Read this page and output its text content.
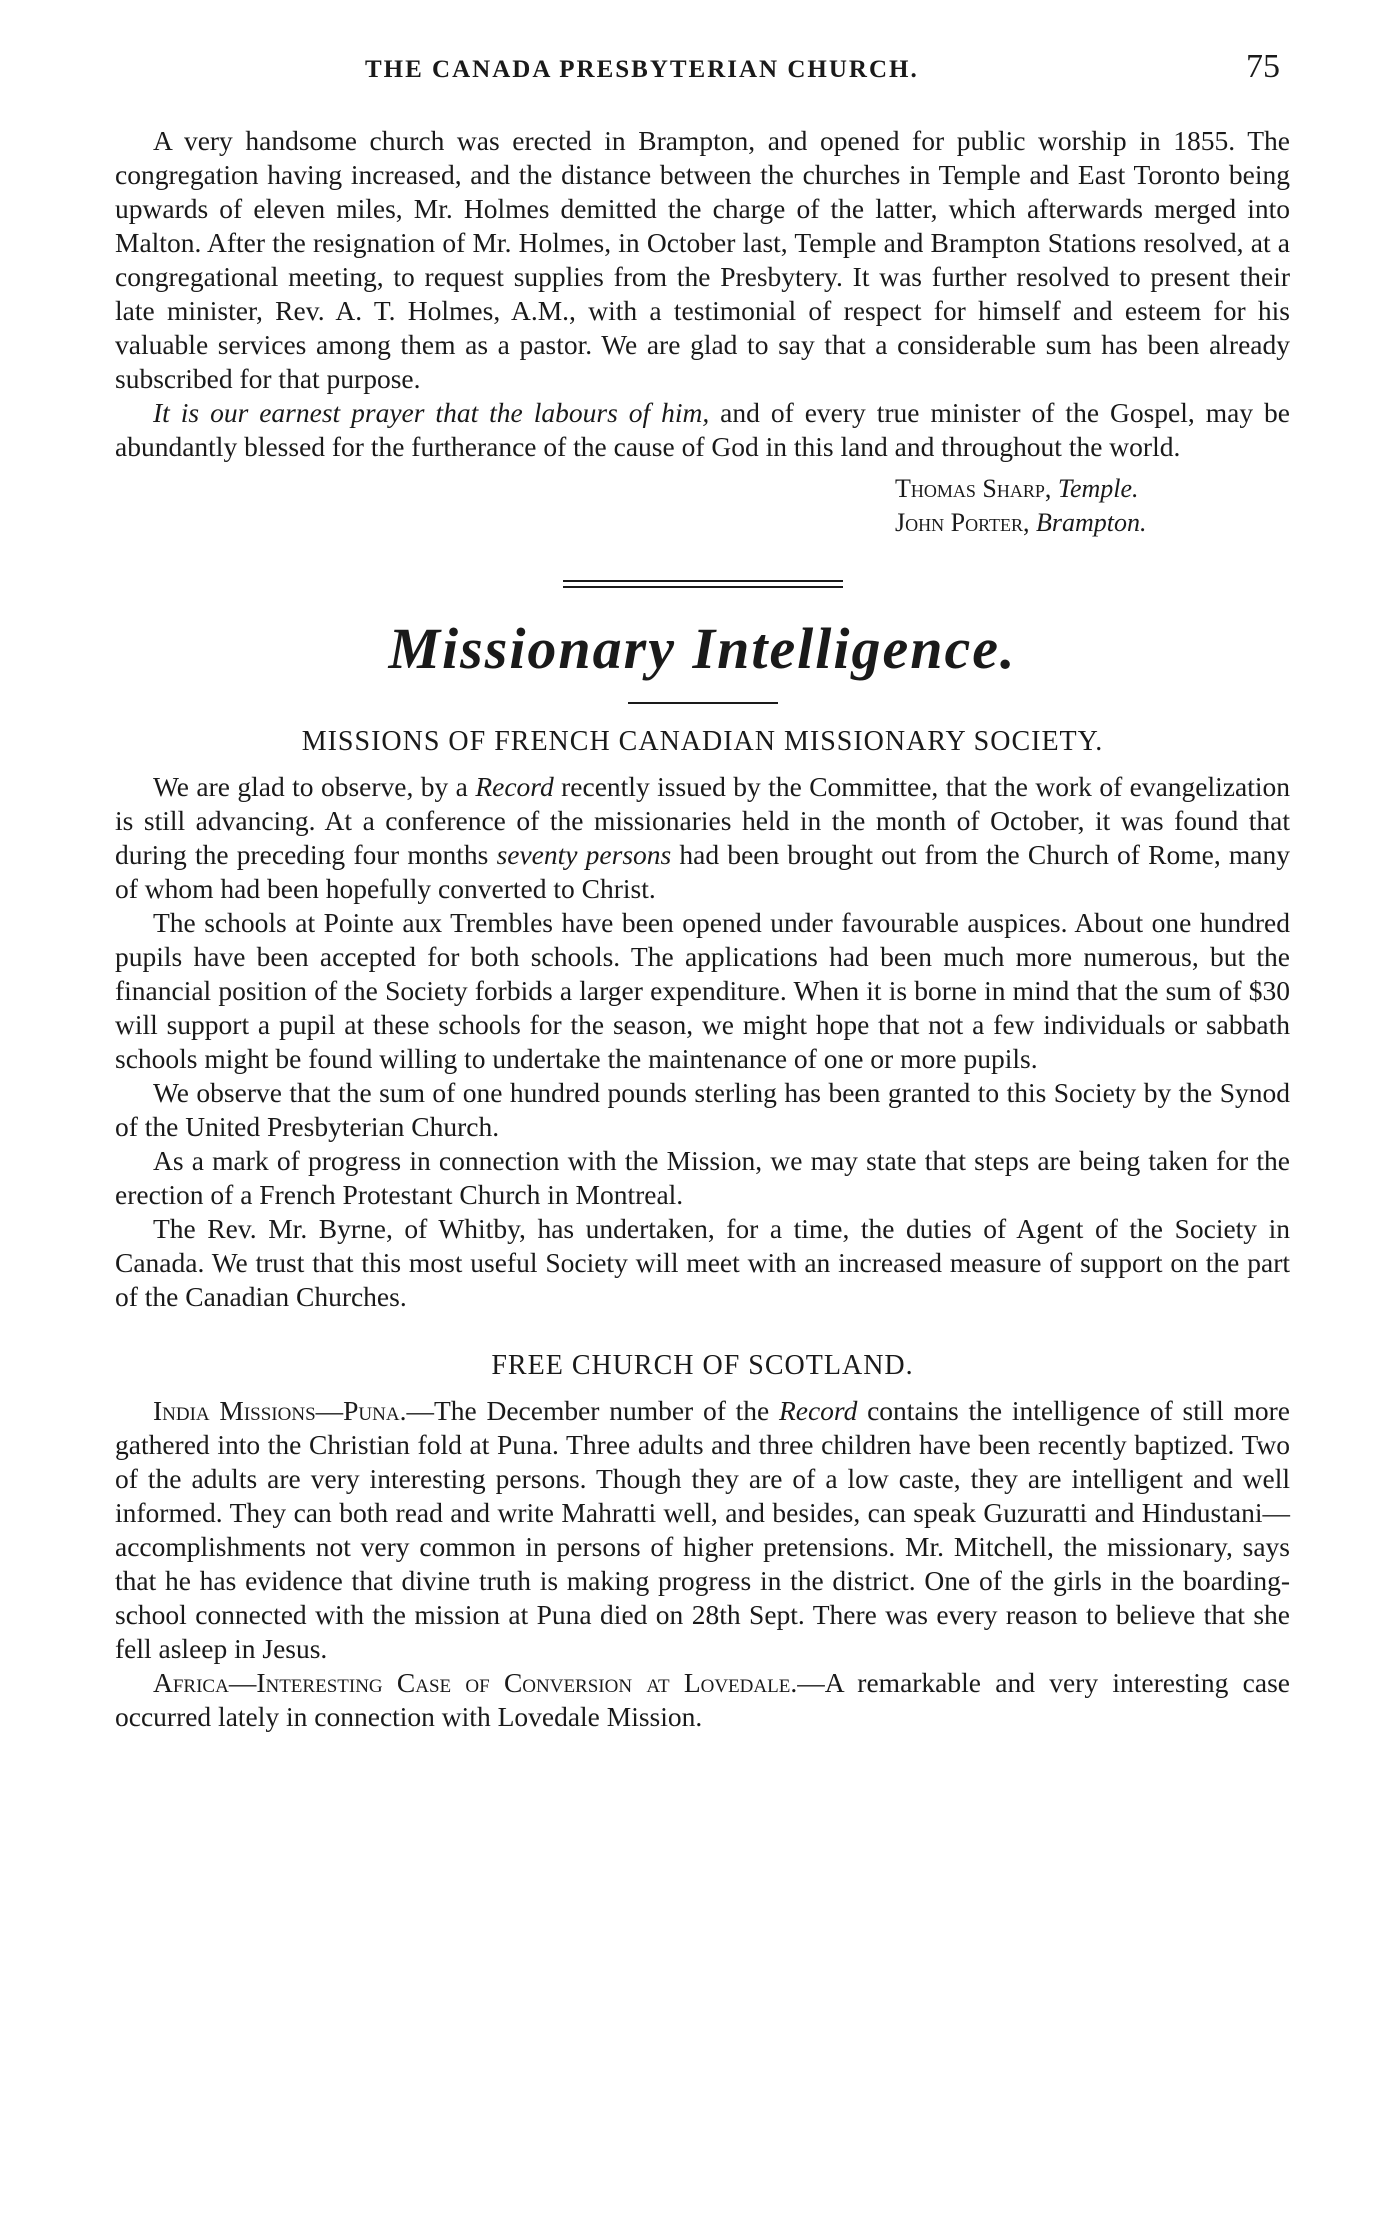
THE CANADA PRESBYTERIAN CHURCH.	75

A very handsome church was erected in Brampton, and opened for public worship in 1855. The congregation having increased, and the distance between the churches in Temple and East Toronto being upwards of eleven miles, Mr. Holmes demitted the charge of the latter, which afterwards merged into Malton. After the resignation of Mr. Holmes, in October last, Temple and Brampton Stations resolved, at a congregational meeting, to request supplies from the Presbytery. It was further resolved to present their late minister, Rev. A. T. Holmes, A.M., with a testimonial of respect for himself and esteem for his valuable services among them as a pastor. We are glad to say that a considerable sum has been already subscribed for that purpose.

It is our earnest prayer that the labours of him, and of every true minister of the Gospel, may be abundantly blessed for the furtherance of the cause of God in this land and throughout the world.

Thomas Sharp, Temple.
John Porter, Brampton.
Missionary Intelligence.
MISSIONS OF FRENCH CANADIAN MISSIONARY SOCIETY.

We are glad to observe, by a Record recently issued by the Committee, that the work of evangelization is still advancing. At a conference of the missionaries held in the month of October, it was found that during the preceding four months seventy persons had been brought out from the Church of Rome, many of whom had been hopefully converted to Christ.

The schools at Pointe aux Trembles have been opened under favourable auspices. About one hundred pupils have been accepted for both schools. The applications had been much more numerous, but the financial position of the Society forbids a larger expenditure. When it is borne in mind that the sum of $30 will support a pupil at these schools for the season, we might hope that not a few individuals or sabbath schools might be found willing to undertake the maintenance of one or more pupils.

We observe that the sum of one hundred pounds sterling has been granted to this Society by the Synod of the United Presbyterian Church.

As a mark of progress in connection with the Mission, we may state that steps are being taken for the erection of a French Protestant Church in Montreal.

The Rev. Mr. Byrne, of Whitby, has undertaken, for a time, the duties of Agent of the Society in Canada. We trust that this most useful Society will meet with an increased measure of support on the part of the Canadian Churches.

FREE CHURCH OF SCOTLAND.

India Missions—Puna.—The December number of the Record contains the intelligence of still more gathered into the Christian fold at Puna. Three adults and three children have been recently baptized. Two of the adults are very interesting persons. Though they are of a low caste, they are intelligent and well informed. They can both read and write Mahratti well, and besides, can speak Guzuratti and Hindustani—accomplishments not very common in persons of higher pretensions. Mr. Mitchell, the missionary, says that he has evidence that divine truth is making progress in the district. One of the girls in the boarding-school connected with the mission at Puna died on 28th Sept. There was every reason to believe that she fell asleep in Jesus.

Africa—Interesting Case of Conversion at Lovedale.—A remarkable and very interesting case occurred lately in connection with Lovedale Mission.
